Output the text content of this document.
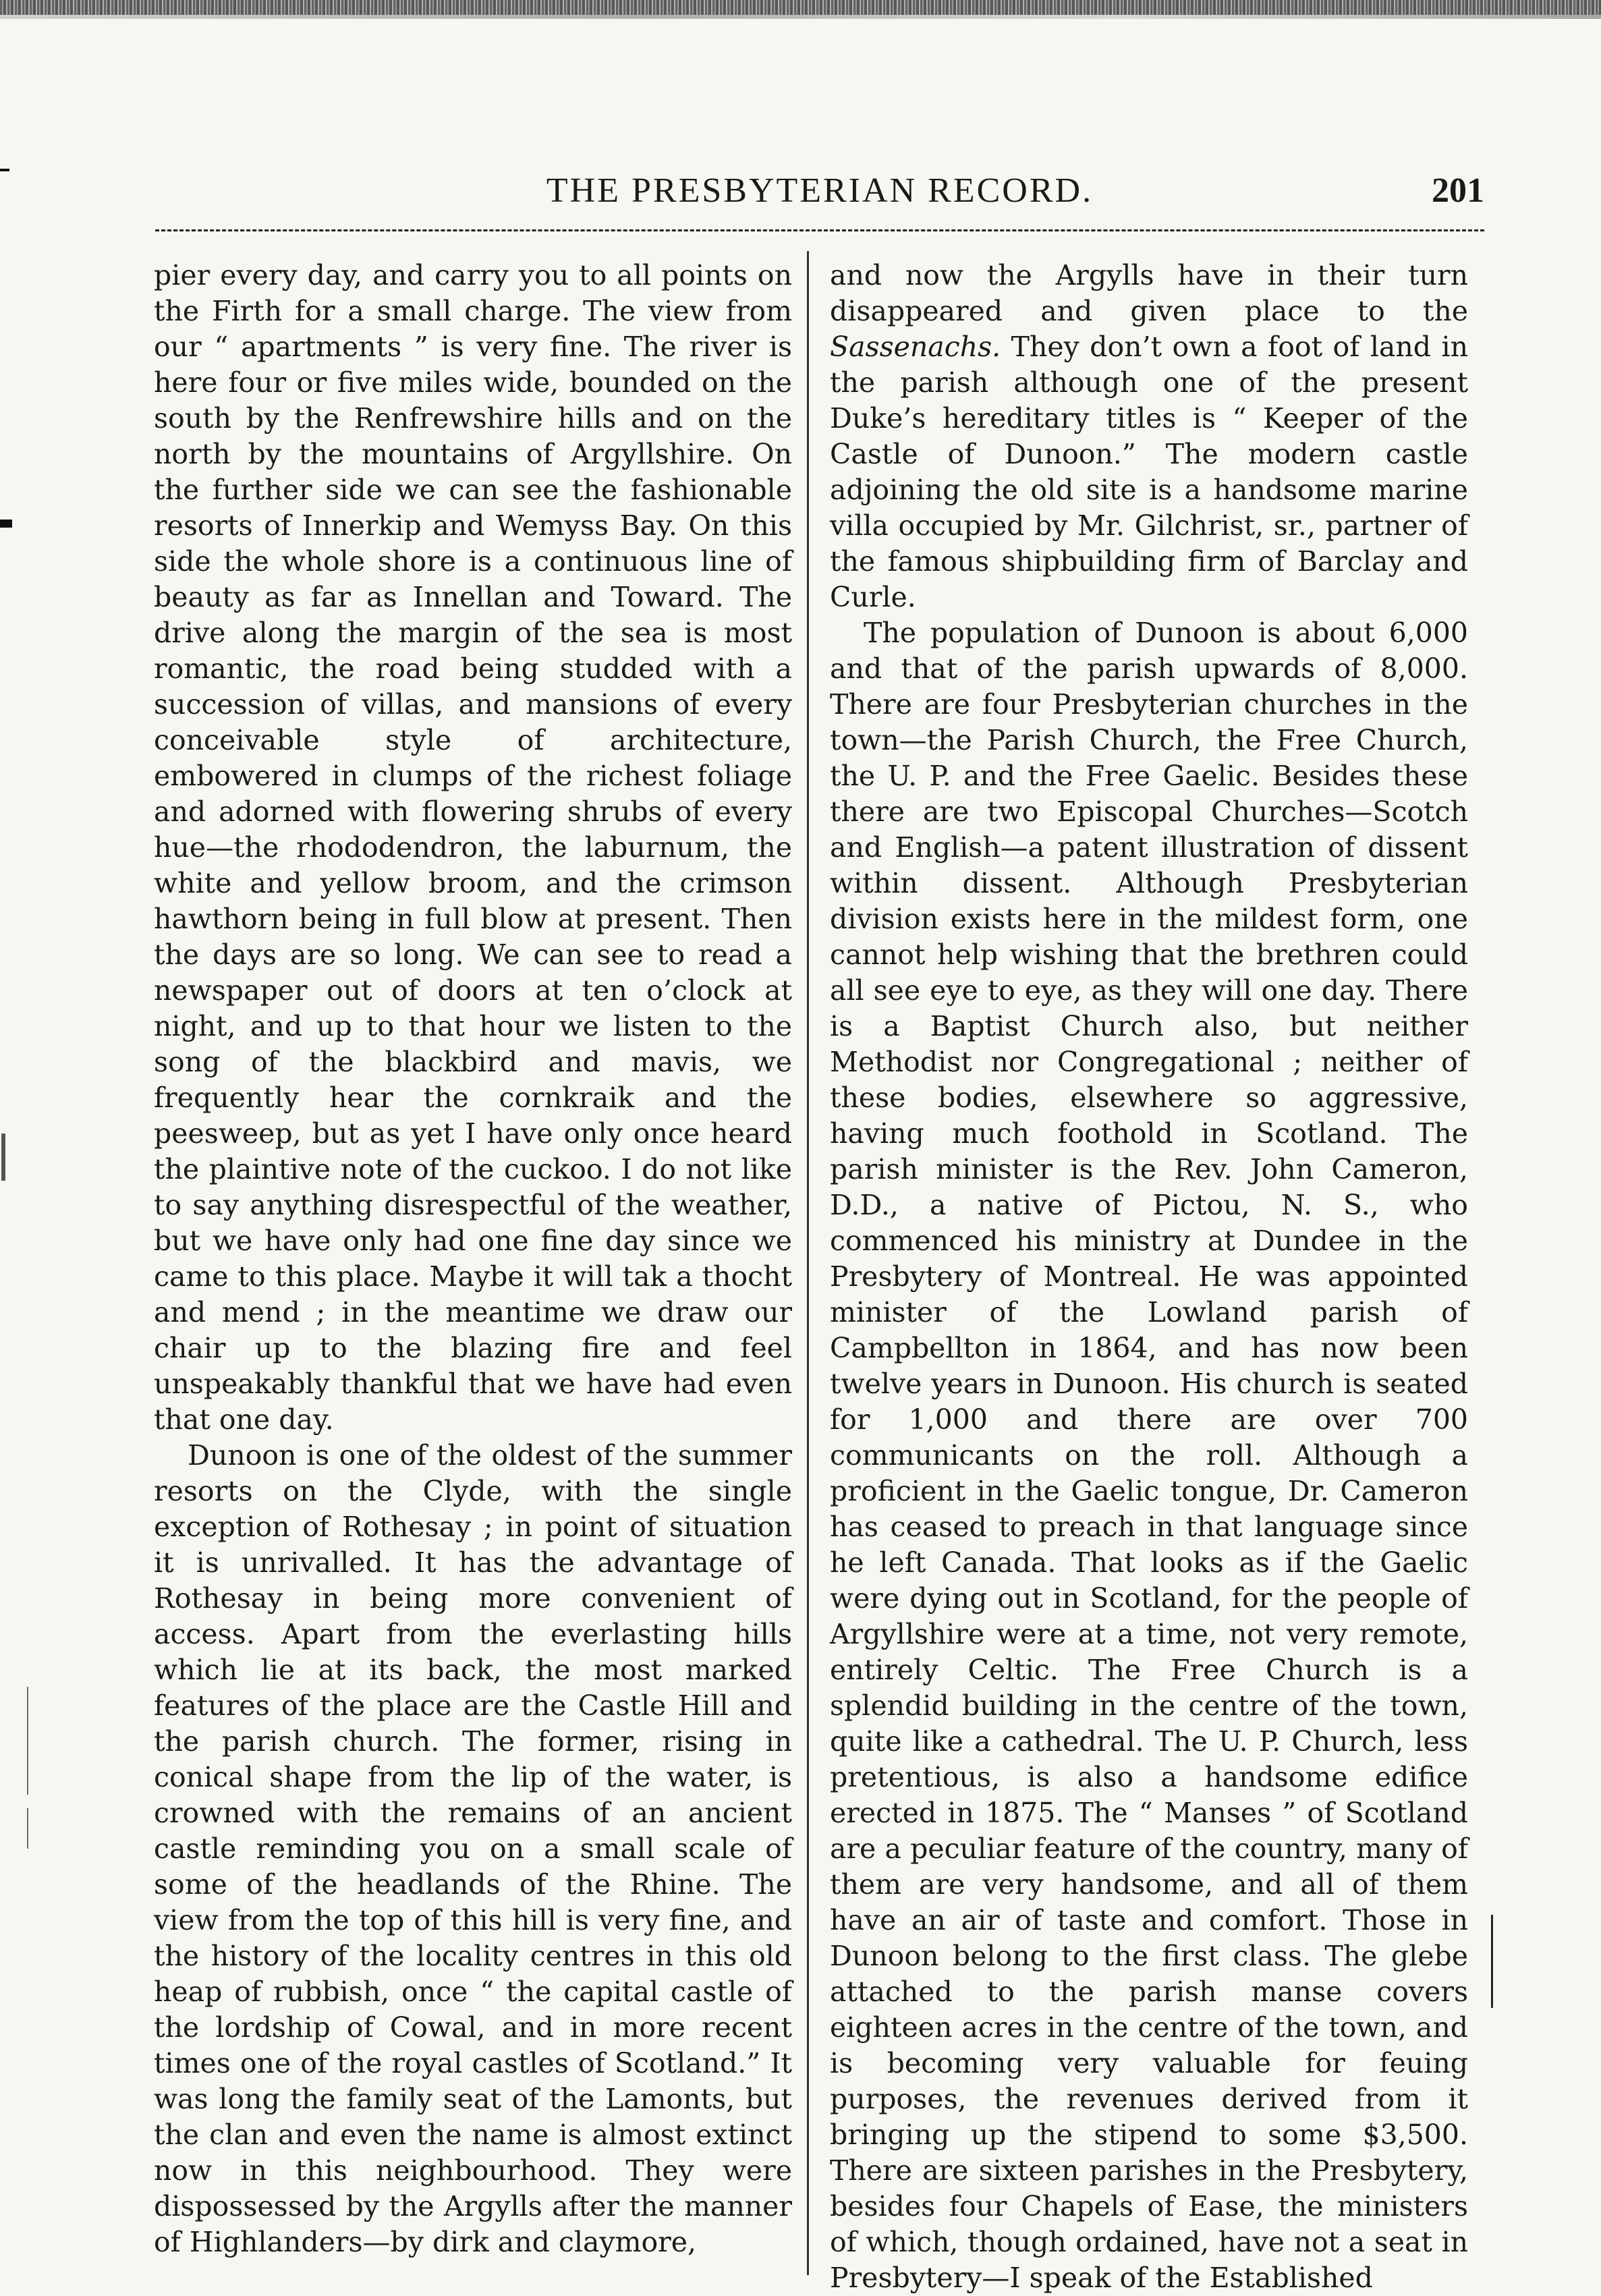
THE PRESBYTERIAN RECORD.	201

pier every day, and carry you to all points on the Firth for a small charge. The view from our “ apartments ” is very fine. The river is here four or five miles wide, bounded on the south by the Renfrewshire hills and on the north by the mountains of Argyllshire. On the further side we can see the fashionable resorts of Innerkip and Wemyss Bay. On this side the whole shore is a continuous line of beauty as far as Innellan and Toward. The drive along the margin of the sea is most romantic, the road being studded with a succession of villas, and mansions of every conceivable style of architecture, embowered in clumps of the richest foliage and adorned with flowering shrubs of every hue—the rhododendron, the laburnum, the white and yellow broom, and the crimson hawthorn being in full blow at present. Then the days are so long. We can see to read a newspaper out of doors at ten o’clock at night, and up to that hour we listen to the song of the blackbird and mavis, we frequently hear the cornkraik and the peesweep, but as yet I have only once heard the plaintive note of the cuckoo. I do not like to say anything disrespectful of the weather, but we have only had one fine day since we came to this place. Maybe it will tak a thocht and mend ; in the meantime we draw our chair up to the blazing fire and feel unspeakably thankful that we have had even that one day.

Dunoon is one of the oldest of the summer resorts on the Clyde, with the single exception of Rothesay ; in point of situation it is unrivalled. It has the advantage of Rothesay in being more convenient of access. Apart from the everlasting hills which lie at its back, the most marked features of the place are the Castle Hill and the parish church. The former, rising in conical shape from the lip of the water, is crowned with the remains of an ancient castle reminding you on a small scale of some of the headlands of the Rhine. The view from the top of this hill is very fine, and the history of the locality centres in this old heap of rubbish, once “ the capital castle of the lordship of Cowal, and in more recent times one of the royal castles of Scotland.” It was long the family seat of the Lamonts, but the clan and even the name is almost extinct now in this neighbourhood. They were dispossessed by the Argylls after the manner of Highlanders—by dirk and claymore,

and now the Argylls have in their turn disappeared and given place to the Sassenachs. They don’t own a foot of land in the parish although one of the present Duke’s hereditary titles is “ Keeper of the Castle of Dunoon.” The modern castle adjoining the old site is a handsome marine villa occupied by Mr. Gilchrist, sr., partner of the famous shipbuilding firm of Barclay and Curle.

The population of Dunoon is about 6,000 and that of the parish upwards of 8,000. There are four Presbyterian churches in the town—the Parish Church, the Free Church, the U. P. and the Free Gaelic. Besides these there are two Episcopal Churches—Scotch and English—a patent illustration of dissent within dissent. Although Presbyterian division exists here in the mildest form, one cannot help wishing that the brethren could all see eye to eye, as they will one day. There is a Baptist Church also, but neither Methodist nor Congregational ; neither of these bodies, elsewhere so aggressive, having much foothold in Scotland. The parish minister is the Rev. John Cameron, D.D., a native of Pictou, N. S., who commenced his ministry at Dundee in the Presbytery of Montreal. He was appointed minister of the Lowland parish of Campbellton in 1864, and has now been twelve years in Dunoon. His church is seated for 1,000 and there are over 700 communicants on the roll. Although a proficient in the Gaelic tongue, Dr. Cameron has ceased to preach in that language since he left Canada. That looks as if the Gaelic were dying out in Scotland, for the people of Argyllshire were at a time, not very remote, entirely Celtic. The Free Church is a splendid building in the centre of the town, quite like a cathedral. The U. P. Church, less pretentious, is also a handsome edifice erected in 1875. The “ Manses ” of Scotland are a peculiar feature of the country, many of them are very handsome, and all of them have an air of taste and comfort. Those in Dunoon belong to the first class. The glebe attached to the parish manse covers eighteen acres in the centre of the town, and is becoming very valuable for feuing purposes, the revenues derived from it bringing up the stipend to some $3,500. There are sixteen parishes in the Presbytery, besides four Chapels of Ease, the ministers of which, though ordained, have not a seat in Presbytery—I speak of the Established
